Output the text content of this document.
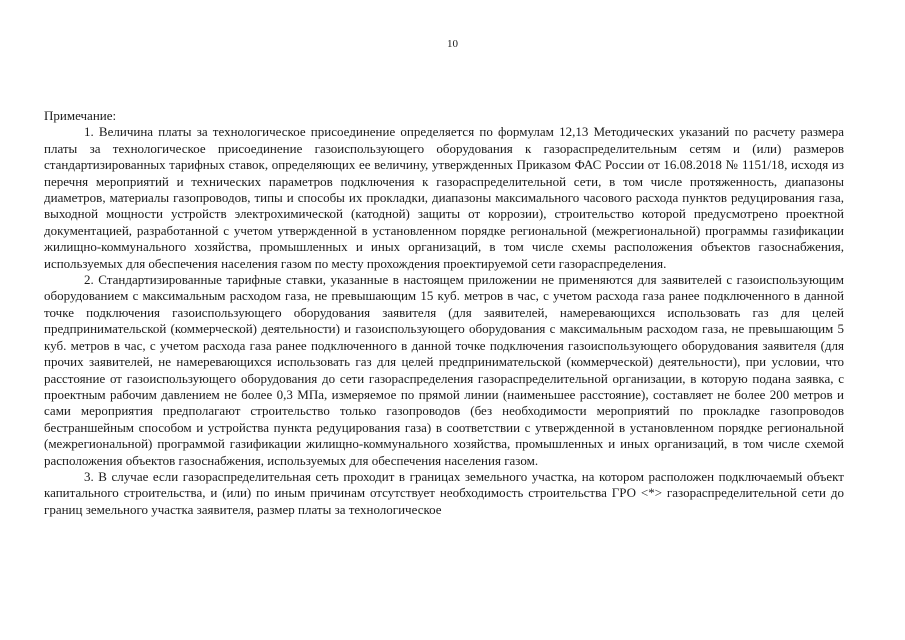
10

Примечание:

1. Величина платы за технологическое присоединение определяется по формулам 12,13 Методических указаний по расчету размера платы за технологическое присоединение газоиспользующего оборудования к газораспределительным сетям и (или) размеров стандартизированных тарифных ставок, определяющих ее величину, утвержденных Приказом ФАС России от 16.08.2018 № 1151/18, исходя из перечня мероприятий и технических параметров подключения к газораспределительной сети, в том числе протяженность, диапазоны диаметров, материалы газопроводов, типы и способы их прокладки, диапазоны максимального часового расхода пунктов редуцирования газа, выходной мощности устройств электрохимической (катодной) защиты от коррозии), строительство которой предусмотрено проектной документацией, разработанной с учетом утвержденной в установленном порядке региональной (межрегиональной) программы газификации жилищно-коммунального хозяйства, промышленных и иных организаций, в том числе схемы расположения объектов газоснабжения, используемых для обеспечения населения газом по месту прохождения проектируемой сети газораспределения.

2. Стандартизированные тарифные ставки, указанные в настоящем приложении не применяются для заявителей с газоиспользующим оборудованием с максимальным расходом газа, не превышающим 15 куб. метров в час, с учетом расхода газа ранее подключенного в данной точке подключения газоиспользующего оборудования заявителя (для заявителей, намеревающихся использовать газ для целей предпринимательской (коммерческой) деятельности) и газоиспользующего оборудования с максимальным расходом газа, не превышающим 5 куб. метров в час, с учетом расхода газа ранее подключенного в данной точке подключения газоиспользующего оборудования заявителя (для прочих заявителей, не намеревающихся использовать газ для целей предпринимательской (коммерческой) деятельности), при условии, что расстояние от газоиспользующего оборудования до сети газораспределения газораспределительной организации, в которую подана заявка, с проектным рабочим давлением не более 0,3 МПа, измеряемое по прямой линии (наименьшее расстояние), составляет не более 200 метров и сами мероприятия предполагают строительство только газопроводов (без необходимости мероприятий по прокладке газопроводов бестраншейным способом и устройства пункта редуцирования газа) в соответствии с утвержденной в установленном порядке региональной (межрегиональной) программой газификации жилищно-коммунального хозяйства, промышленных и иных организаций, в том числе схемой расположения объектов газоснабжения, используемых для обеспечения населения газом.

3. В случае если газораспределительная сеть проходит в границах земельного участка, на котором расположен подключаемый объект капитального строительства, и (или) по иным причинам отсутствует необходимость строительства ГРО <*> газораспределительной сети до границ земельного участка заявителя, размер платы за технологическое
